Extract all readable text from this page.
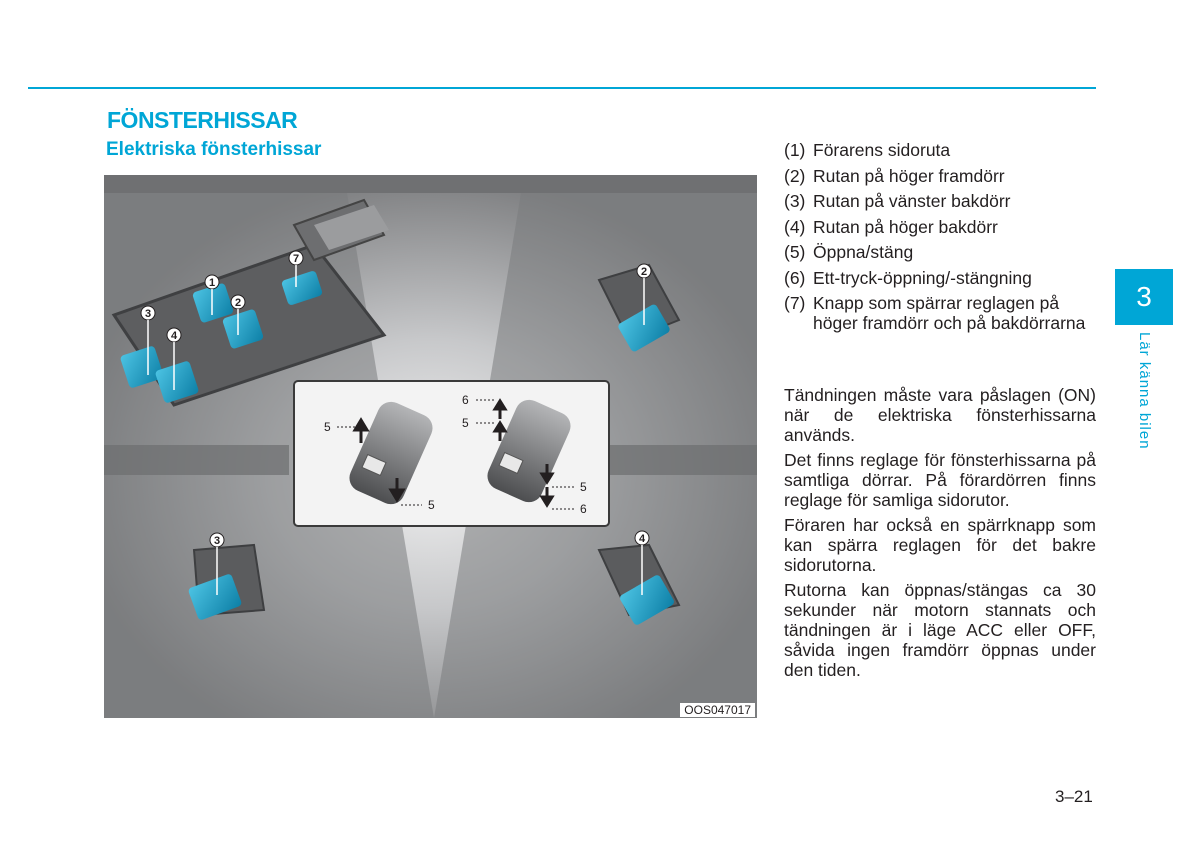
FÖNSTERHISSAR
Elektriska fönsterhissar
1
2
3
4
7
2
3	4
5
5
6
5
5
6
OOS047017
(1) Förarens sidoruta
(2) Rutan på höger framdörr
(3) Rutan på vänster bakdörr
(4) Rutan på höger bakdörr
(5) Öppna/stäng
(6) Ett-tryck-öppning/-stängning
(7) Knapp som spärrar reglagen på höger framdörr och på bakdörrarna

Tändningen måste vara påslagen (ON) när de elektriska fönsterhissarna används.

Det finns reglage för fönsterhissarna på samtliga dörrar. På förardörren finns reglage för samliga sidorutor.

Föraren har också en spärrknapp som kan spärra reglagen för det bakre sidorutorna.

Rutorna kan öppnas/stängas ca 30 sekunder när motorn stannats och tändningen är i läge ACC eller OFF, såvida ingen framdörr öppnas under den tiden.

3
Lär känna bilen
3–21
